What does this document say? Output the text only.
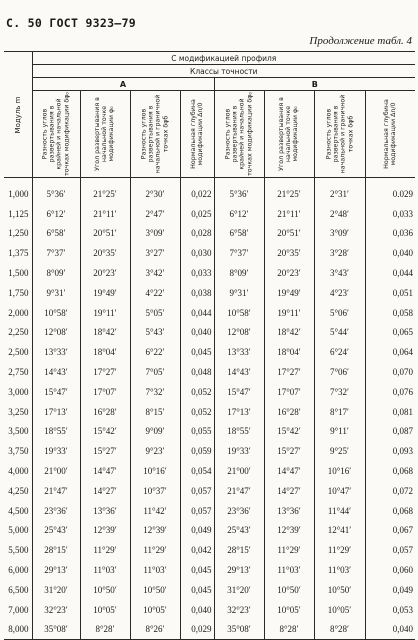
С. 50 ГОСТ 9323—79
Продолжение табл. 4
Модуль m	С модификацией профиля							
	Классы точности							
	А				В			

	Разность углов развертывания в крайней и начальной точках модификации δφ₀	Угол развертывания в начальной точке модификации φ₀	Разность углов развертывания в начальной и граничной точках δφб	Нормальная глубина модификации Δn/0	Разность углов развертывания в крайней и начальной точках модификации δφ₀	Угол развертывания в начальной точке модификации φ₀	Разность углов развертывания в начальной и граничной точках δφб	Нормальная глубина модификации Δn/0

1,000	5°36′	21°25′	2°30′	0,022	5°36′	21°25′	2°31′	0.029
1,125	6°12′	21°11′	2°47′	0,025	6°12′	21°11′	2°48′	0,033
1,250	6°58′	20°51′	3°09′	0,028	6°58′	20°51′	3°09′	0,036
1,375	7°37′	20°35′	3°27′	0,030	7°37′	20°35′	3°28′	0,040
1,500	8°09′	20°23′	3°42′	0,033	8°09′	20°23′	3°43′	0,044
1,750	9°31′	19°49′	4°22′	0,038	9°31′	19°49′	4°23′	0,051
2,000	10°58′	19°11′	5°05′	0,044	10°58′	19°11′	5°06′	0,058
2,250	12°08′	18°42′	5°43′	0,040	12°08′	18°42′	5°44′	0,065
2,500	13°33′	18°04′	6°22′	0,045	13°33′	18°04′	6°24′	0,064
2,750	14°43′	17°27′	7°05′	0,048	14°43′	17°27′	7°06′	0,070
3,000	15°47′	17°07′	7°32′	0,052	15°47′	17°07′	7°32′	0,076
3,250	17°13′	16°28′	8°15′	0,052	17°13′	16°28′	8°17′	0,081
3,500	18°55′	15°42′	9°09′	0,055	18°55′	15°42′	9°11′	0,087
3,750	19°33′	15°27′	9°23′	0,059	19°33′	15°27′	9°25′	0,093
4,000	21°00′	14°47′	10°16′	0,054	21°00′	14°47′	10°16′	0,068
4,250	21°47′	14°27′	10°37′	0,057	21°47′	14°27′	10°47′	0,072
4,500	23°36′	13°36′	11°42′	0,057	23°36′	13°36′	11°44′	0,068
5,000	25°43′	12°39′	12°39′	0,049	25°43′	12°39′	12°41′	0,067
5,500	28°15′	11°29′	11°29′	0,042	28°15′	11°29′	11°29′	0,057
6,000	29°13′	11°03′	11°03′	0,045	29°13′	11°03′	11°03′	0,060
6,500	31°20′	10°50′	10°50′	0,045	31°20′	10°50′	10°50′	0,049
7,000	32°23′	10°05′	10°05′	0,040	32°23′	10°05′	10°05′	0,053
8,000	35°08′	8°28′	8°26′	0,029	35°08′	8°28′	8°28′	0,040
